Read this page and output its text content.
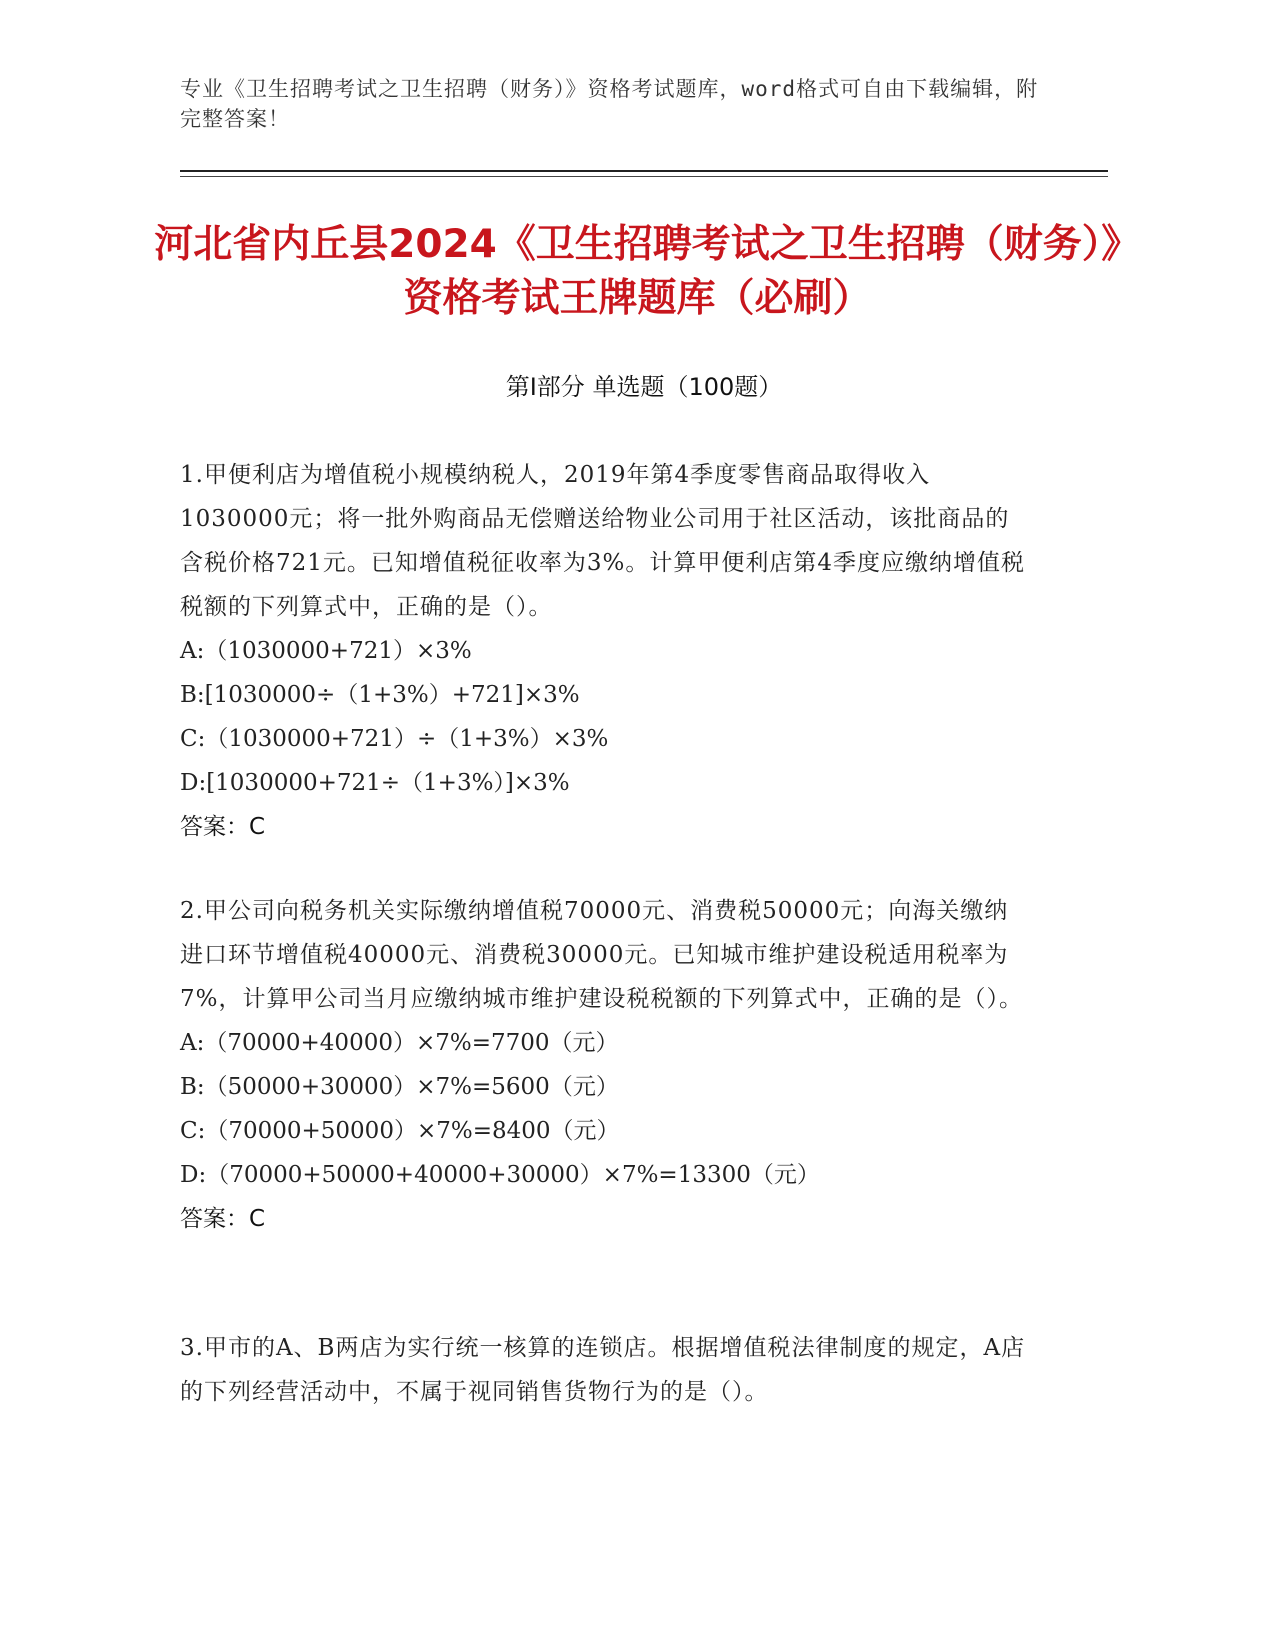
专业《卫生招聘考试之卫生招聘（财务）》资格考试题库，word格式可自由下载编辑，附完整答案！
河北省内丘县2024《卫生招聘考试之卫生招聘（财务）》资格考试王牌题库（必刷）
第I部分 单选题（100题）
1.甲便利店为增值税小规模纳税人，2019年第4季度零售商品取得收入1030000元；将一批外购商品无偿赠送给物业公司用于社区活动，该批商品的含税价格721元。已知增值税征收率为3%。计算甲便利店第4季度应缴纳增值税税额的下列算式中，正确的是（）。
A:（1030000+721）×3%
B:[1030000÷（1+3%）+721]×3%
C:（1030000+721）÷（1+3%）×3%
D:[1030000+721÷（1+3%）]×3%
答案：C
2.甲公司向税务机关实际缴纳增值税70000元、消费税50000元；向海关缴纳进口环节增值税40000元、消费税30000元。已知城市维护建设税适用税率为7%，计算甲公司当月应缴纳城市维护建设税税额的下列算式中，正确的是（）。
A:（70000+40000）×7%=7700（元）
B:（50000+30000）×7%=5600（元）
C:（70000+50000）×7%=8400（元）
D:（70000+50000+40000+30000）×7%=13300（元）
答案：C
3.甲市的A、B两店为实行统一核算的连锁店。根据增值税法律制度的规定，A店的下列经营活动中，不属于视同销售货物行为的是（）。
